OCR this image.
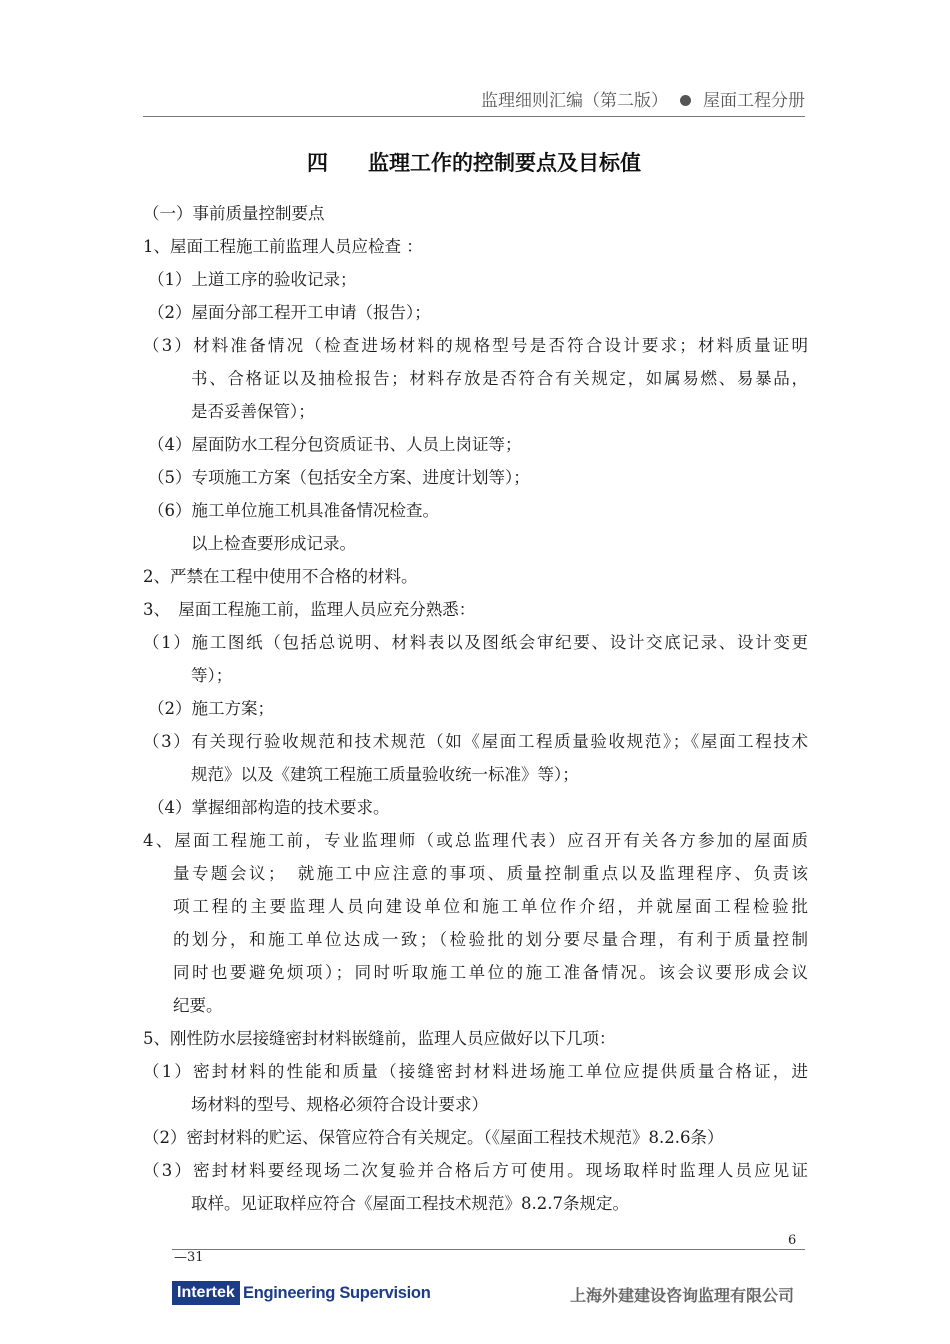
监理细则汇编（第二版） 屋面工程分册
四 监理工作的控制要点及目标值
（一）事前质量控制要点
1、屋面工程施工前监理人员应检查 ：
（1）上道工序的验收记录；
（2）屋面分部工程开工申请（报告）；
（3）材料准备情况（检查进场材料的规格型号是否符合设计要求；材料质量证明
书、合格证以及抽检报告；材料存放是否符合有关规定，如属易燃、易暴品，
是否妥善保管）；
（4）屋面防水工程分包资质证书、人员上岗证等；
（5）专项施工方案（包括安全方案、进度计划等）；
（6）施工单位施工机具准备情况检查。
以上检查要形成记录。
2、严禁在工程中使用不合格的材料。
3、　屋面工程施工前，监理人员应充分熟悉：
（1）施工图纸（包括总说明、材料表以及图纸会审纪要、设计交底记录、设计变更
等）；
（2）施工方案；
（3）有关现行验收规范和技术规范（如《屋面工程质量验收规范》；《屋面工程技术
规范》以及《建筑工程施工质量验收统一标准》等）；
（4）掌握细部构造的技术要求。
4、屋面工程施工前，专业监理师（或总监理代表）应召开有关各方参加的屋面质
量专题会议；　就施工中应注意的事项、质量控制重点以及监理程序、负责该
项工程的主要监理人员向建设单位和施工单位作介绍，并就屋面工程检验批
的划分，和施工单位达成一致；（检验批的划分要尽量合理，有利于质量控制
同时也要避免烦项）；同时听取施工单位的施工准备情况。该会议要形成会议
纪要。
5、刚性防水层接缝密封材料嵌缝前，监理人员应做好以下几项：
（1）密封材料的性能和质量（接缝密封材料进场施工单位应提供质量合格证，进
场材料的型号、规格必须符合设计要求）
（2）密封材料的贮运、保管应符合有关规定。（《屋面工程技术规范》8.2.6条）
（3）密封材料要经现场二次复验并合格后方可使用。现场取样时监理人员应见证
取样。见证取样应符合《屋面工程技术规范》8.2.7条规定。
6
—31
Intertek Engineering Supervision	上海外建建设咨询监理有限公司
